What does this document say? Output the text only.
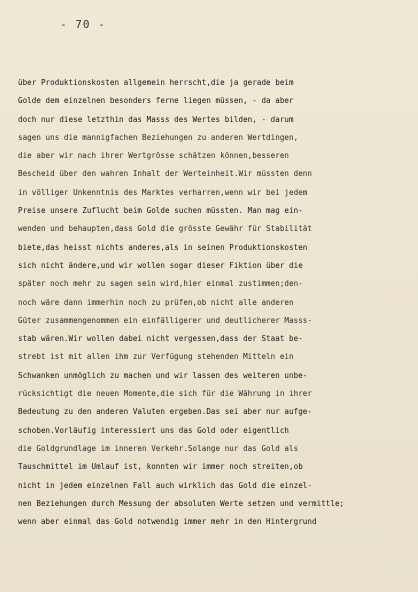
- 70 -
über Produktionskosten allgemein herrscht,die ja gerade beim
Golde dem einzelnen besonders ferne liegen müssen, - da aber
doch nur diese letzthin das Masss des Wertes bilden, - darum
sagen uns die mannigfachen Beziehungen zu anderen Wertdingen,
die aber wir nach ihrer Wertgrösse schätzen können,besseren
Bescheid über den wahren Inhalt der Werteinheit.Wir müssten denn
in völliger Unkenntnis des Marktes verharren,wenn wir bei jedem
Preise unsere Zuflucht beim Golde suchen müssten. Man mag ein-
wenden und behaupten,dass Gold die grösste Gewähr für Stabilität
biete,das heisst nichts anderes,als in seinen Produktionskosten
sich nicht ändere,und wir wollen sogar dieser Fiktion über die
später noch mehr zu sagen sein wird,hier einmal zustimmen;den-
noch wäre dann immerhin noch zu prüfen,ob nicht alle anderen
Güter zusammengenommen ein einfälligerer und deutlicherer Masss-
stab wären.Wir wollen dabei nicht vergessen,dass der Staat be-
strebt ist mit allen ihm zur Verfügung stehenden Mitteln ein
Schwanken unmöglich zu machen und wir lassen des weiteren unbe-
rücksichtigt die neuen Momente,die sich für die Währung in ihrer
Bedeutung zu den anderen Valuten ergeben.Das sei aber nur aufge-
schoben.Vorläufig interessiert uns das Gold oder eigentlich
die Goldgrundlage im inneren Verkehr.Solange nur das Gold als
Tauschmittel im Umlauf ist, konnten wir immer noch streiten,ob
nicht in jedem einzelnen Fall auch wirklich das Gold die einzel-
nen Beziehungen durch Messung der absoluten Werte setzen und vermittle;
wenn aber einmal das Gold notwendig immer mehr in den Hintergrund
